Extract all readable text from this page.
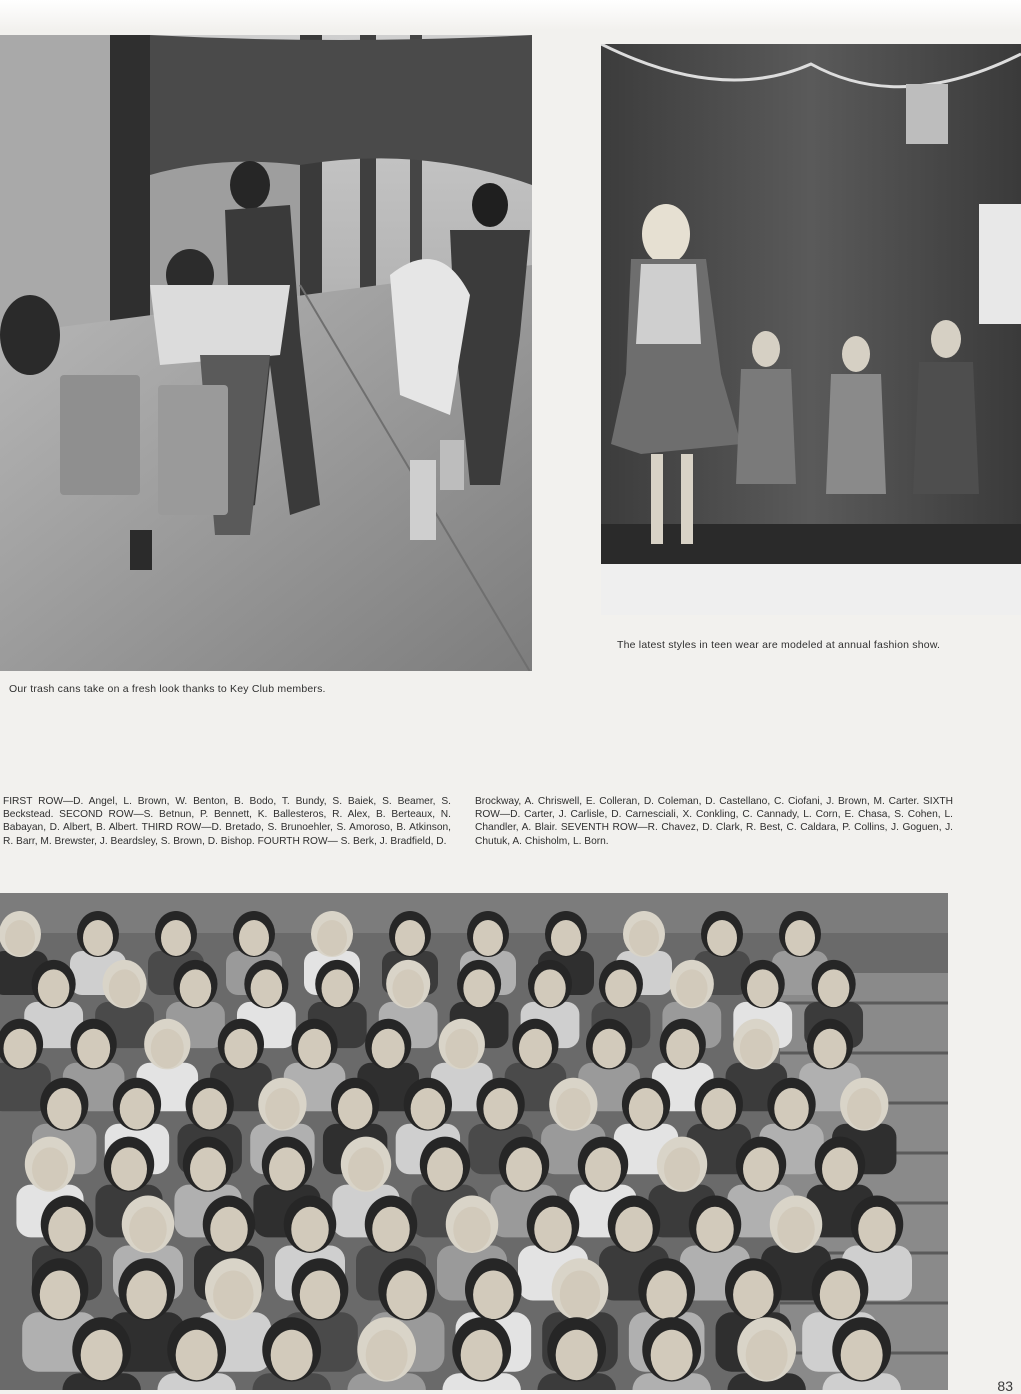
Our trash cans take on a fresh look thanks to Key Club members.
The latest styles in teen wear are modeled at annual fashion show.
FIRST ROW—D. Angel, L. Brown, W. Benton, B. Bodo, T. Bundy, S. Baiek, S. Beamer, S. Beckstead. SECOND ROW—S. Betnun, P. Bennett, K. Ballesteros, R. Alex, B. Berteaux, N. Babayan, D. Albert, B. Albert. THIRD ROW—D. Bretado, S. Brunoehler, S. Amoroso, B. Atkinson, R. Barr, M. Brewster, J. Beardsley, S. Brown, D. Bishop. FOURTH ROW— S. Berk, J. Bradfield, D.
Brockway, A. Chriswell, E. Colleran, D. Coleman, D. Castellano, C. Ciofani, J. Brown, M. Carter. SIXTH ROW—D. Carter, J. Carlisle, D. Carnesciali, X. Conkling, C. Cannady, L. Corn, E. Chasa, S. Cohen, L. Chandler, A. Blair. SEVENTH ROW—R. Chavez, D. Clark, R. Best, C. Caldara, P. Collins, J. Goguen, J. Chutuk, A. Chisholm, L. Born.
83
